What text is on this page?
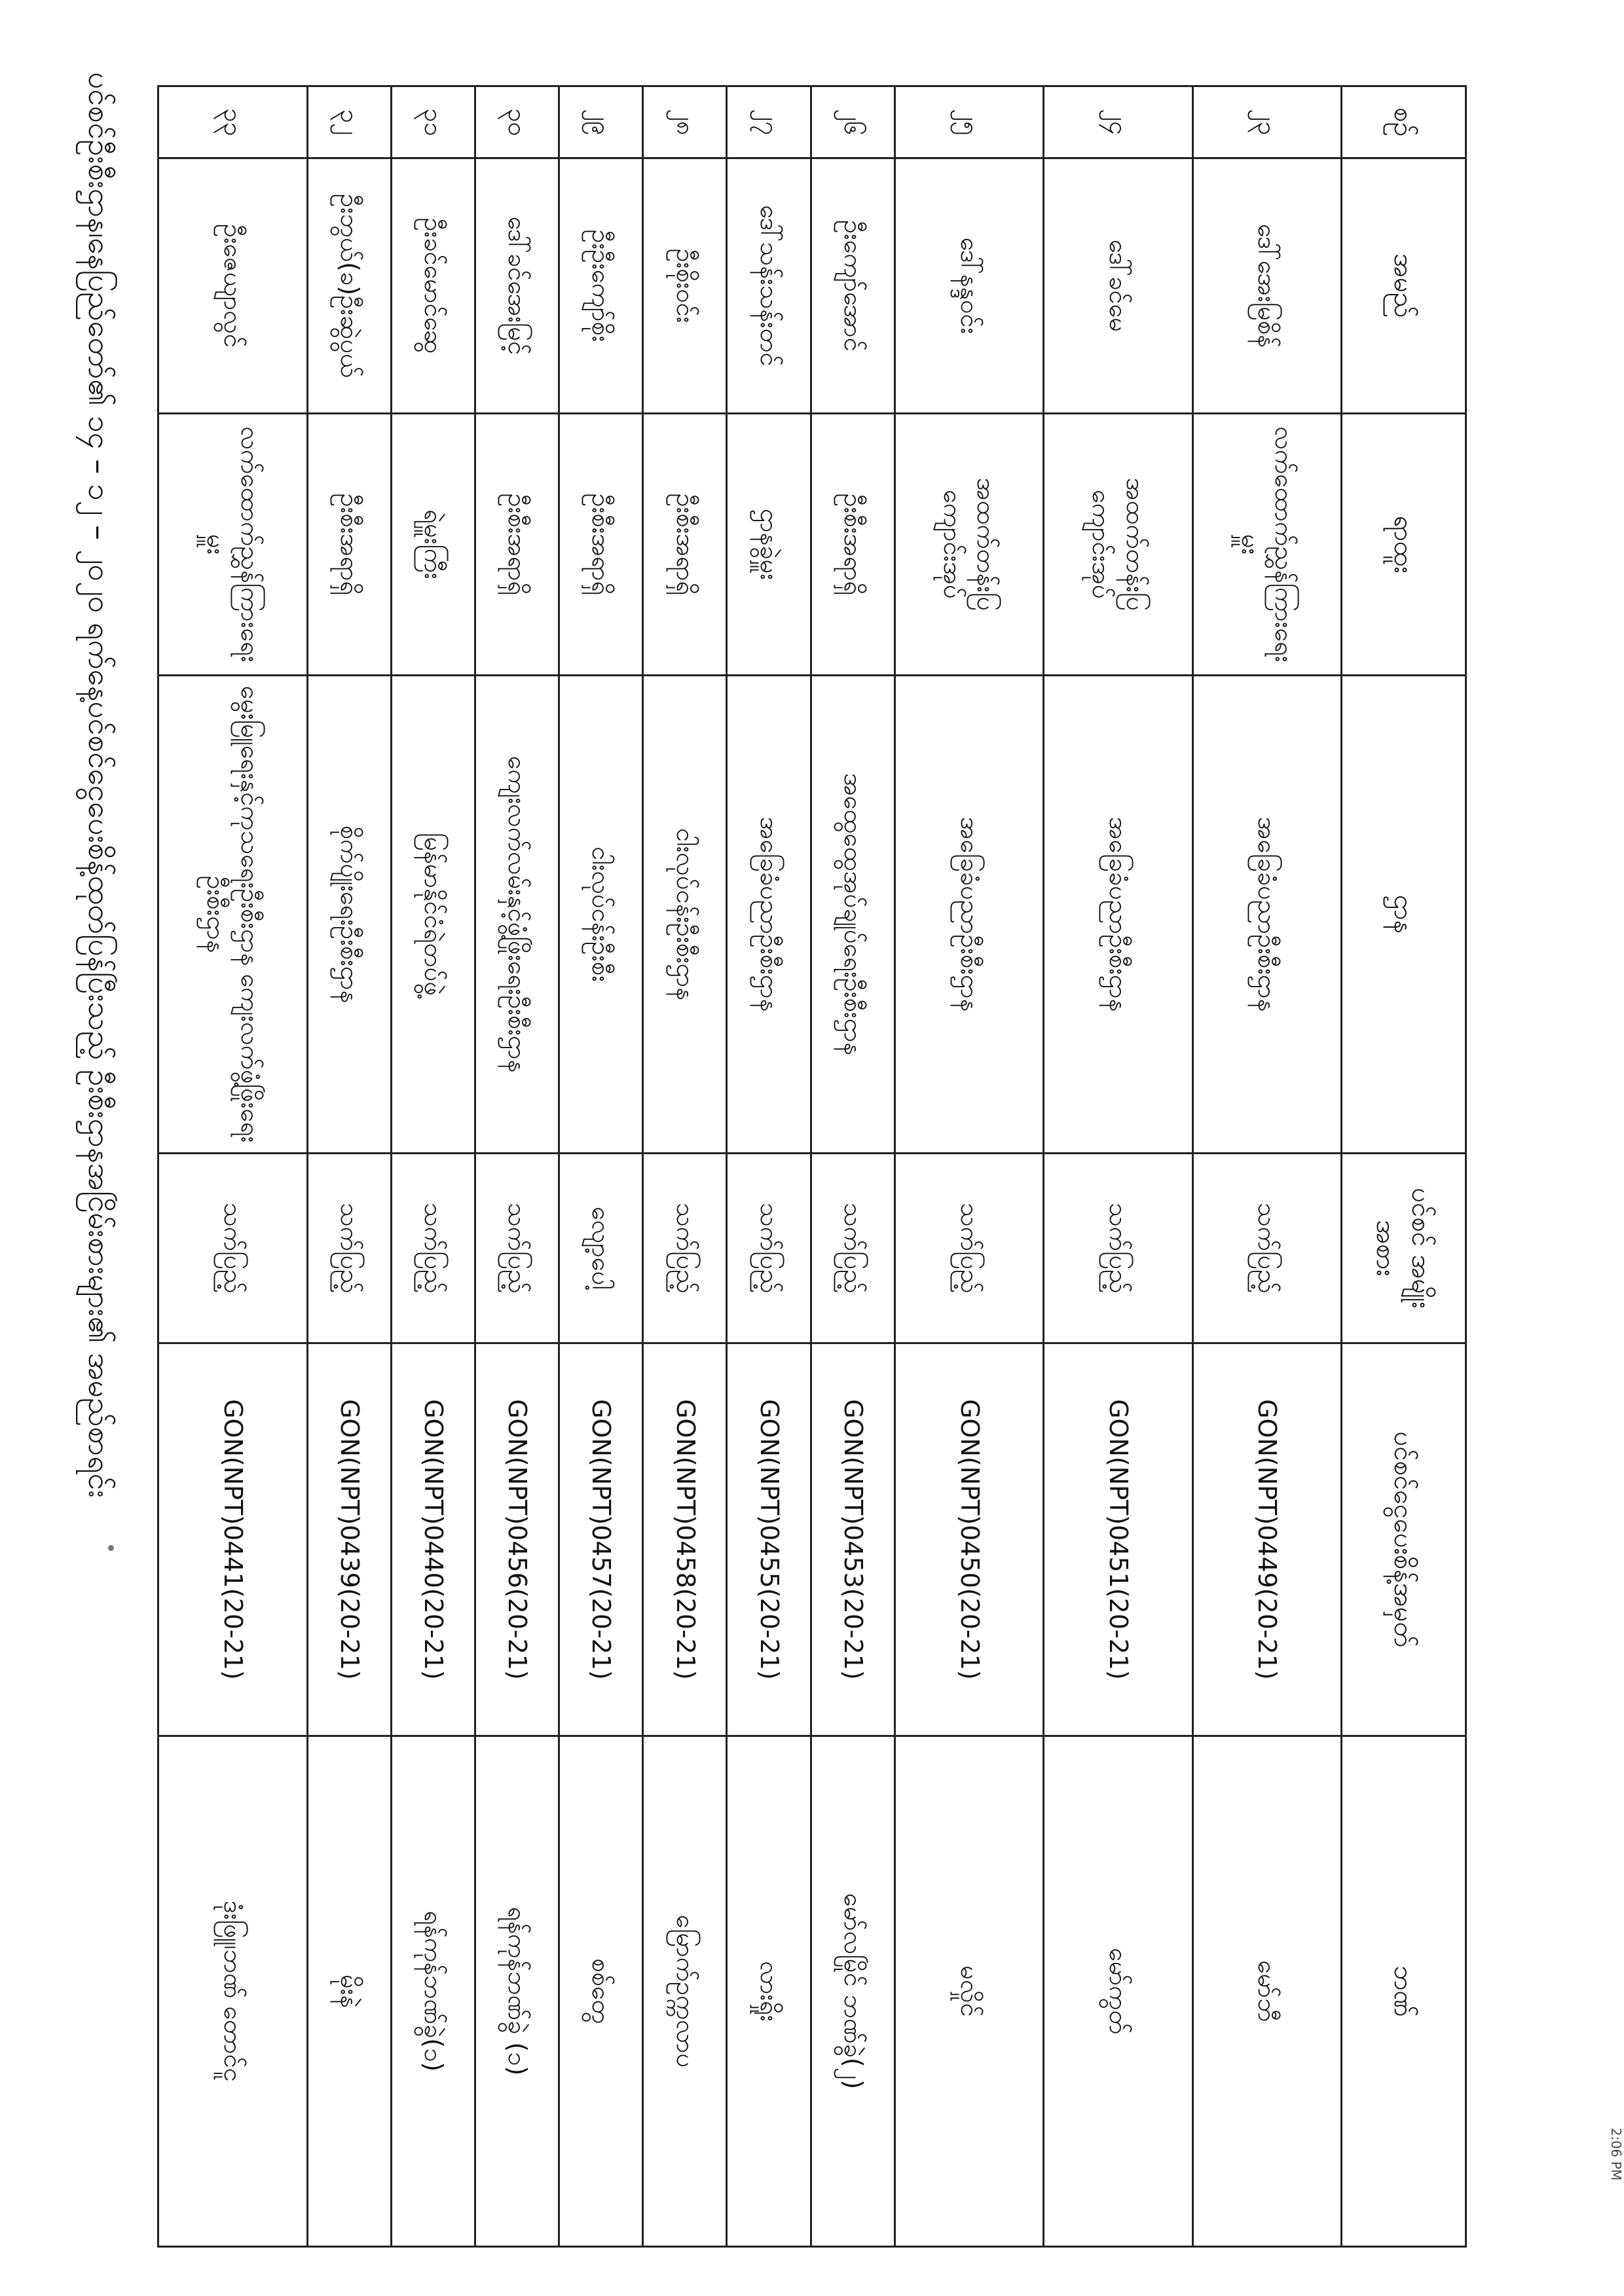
ပင်စင်ဦးစီးဌာန၊နေပြည်တော်၏ ၁၄ – ၁၂ – ၂၀၂၀ ရက်နေ့ပင်စင်ငွေပေးစိန့်ထုတ်ပြန်ပြီးသည့် ဦးစီးဌာနအငြိမ်းစားများ၏ အမည်စာရင်း	စဉ်	အမည်	ရာထူး	ဌာန	ပင်စင် အမျိုးအစား	ပင်စင်ငွေပေးစိန့်အမှတ်	ဘဏ်
၂၃	ဒေါ်အေးမြစိန်	လက်ထောက်ညွှန်ကြားရေးမှူး	အခြေခံပညာဦးစီးဌာန	သက်ပြည့်	GON(NPT)0449(20-21)	မော်ဘီ
၂၄	ဒေါ်ခင်မေ	အထက်တန်းပြ ကျောင်းအုပ်	အခြေခံပညာဦးစီးဌာန	သက်ပြည့်	GON(NPT)0451(20-21)	မော်ကွတ်
၂၅	ဒေါ်နန္ဒဝင်း	အထက်တန်းပြ ကျောင်းအုပ်	အခြေခံပညာဦးစီးဌာန	သက်ပြည့်	GON(NPT)0450(20-21)	မလှိုင်
၂၆	ဦးကျော်အောင်	ဦးစီးအရာရှိ	အထွေထွေအုပ်ချုပ်ရေးဦးစီးဌာန	သက်ပြည့်	GON(NPT)0453(20-21)	မော်လမြိုင် ဘဏ်ခွဲ(၂)
၂၇	ဒေါ်သန်းသန်းတင်	ဌာနခွဲမှူး	အခြေခံပညာဦးစီးဌာန	သက်ပြည့်	GON(NPT)0455(20-21)	လားရှိုး
၂၈	ဦးစိုးဝင်း	ဦးစီးအရာရှိ	ငါးလုပ်ငန်းဦးစီးဌာန	သက်ပြည့်	GON(NPT)0458(20-21)	မြောက်ဥက္ကလာပ
၂၉	ဦးဦးကျော်စိုး	ဦးစီးအရာရှိ	ငါးလုပ်ငန်းဦးစီး	လျော့ပေါ့	GON(NPT)0457(20-21)	စစ်တွေ
၃၀	ဒေါ်ခင်အေးမြင့်	ဦးစီးအရာရှိ	ကျေးလက်လမ်းနှင့်ဖွံ့ဖြိုးရေးဦးစီးဌာန	သက်ပြည့်	GON(NPT)0456(20-21)	ရန်ကုန်ဘဏ်ခွဲ (၁)
၃၁	ဦးခင်မောင်ဆွေ	ရဲမှူးကြီး	မြန်မာနိုင်ငံရဲတပ်ဖွဲ့	သက်ပြည့်	GON(NPT)0440(20-21)	ရန်ကုန်ဘဏ်ခွဲ(၁)
၃၂	ဦးဘွယ်(ခ)ဦးဆွဲပွယ်	ဦးစီးအရာရှိ	စိုက်ပျိုးရေးဦးစီးဌာန	သက်ပြည့်	GON(NPT)0439(20-21)	မိုးနဲ
၃၃	ဦးဇေယျာလွင်	လက်ထောက်ညွှန်ကြားရေးမှူး	မွေးမြူရေးနှင့်ကုသရေးဦးစီးဌာန ကျေးလက်ဖွံ့ဖြိုးရေးဦးစီးဌာန	သက်ပြည့်	GON(NPT)0441(20-21)	ဒုံးဖြူ၊ဘဏ် တောင်ငူ
2:06 PM
